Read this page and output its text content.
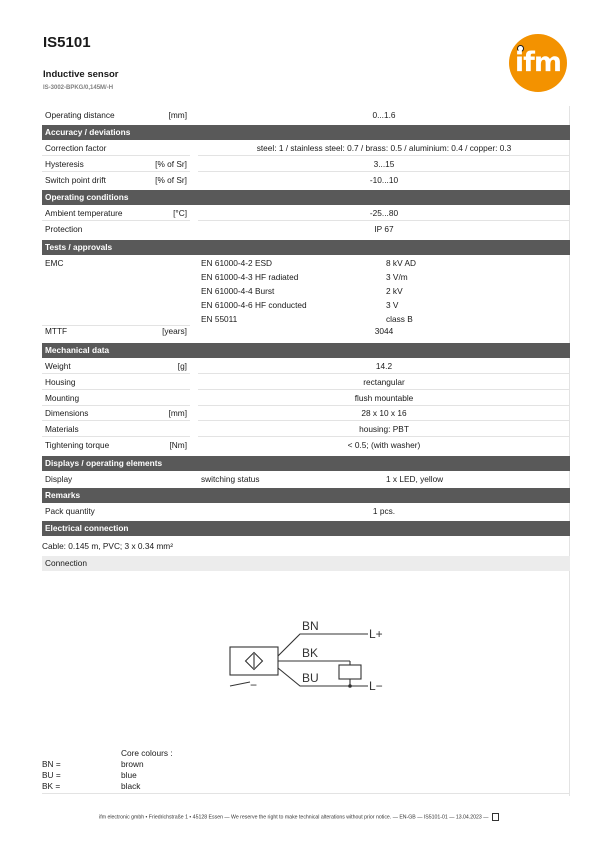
IS5101
Inductive sensor
IS-3002-BPKG/0,145M/-H
ifm
Operating distance	[mm]	0...1.6
Accuracy / deviations
Correction factor	steel: 1 / stainless steel: 0.7 / brass: 0.5 / aluminium: 0.4 / copper: 0.3
Hysteresis	[% of Sr]	3...15
Switch point drift	[% of Sr]	-10...10
Operating conditions
Ambient temperature	[°C]	-25...80
Protection	IP 67
Tests / approvals
EMC	EN 61000-4-2 ESD	8 kV AD
EN 61000-4-3 HF radiated	3 V/m
EN 61000-4-4 Burst	2 kV
EN 61000-4-6 HF conducted	3 V
EN 55011	class B
MTTF	[years]	3044
Mechanical data
Weight	[g]	14.2
Housing	rectangular
Mounting	flush mountable
Dimensions	[mm]	28 x 10 x 16
Materials	housing: PBT
Tightening torque	[Nm]	< 0.5; (with washer)
Displays / operating elements
Display	switching status	1 x LED, yellow
Remarks
Pack quantity	1 pcs.
Electrical connection
Cable: 0.145 m, PVC; 3 x 0.34 mm²
Connection
BN
BK
BU
L+
L−
−
Core colours :
BN =	brown
BU =	blue
BK =	black
ifm electronic gmbh • Friedrichstraße 1 • 45128 Essen — We reserve the right to make technical alterations without prior notice. — EN-GB — IS5101-01 — 13.04.2023 —
